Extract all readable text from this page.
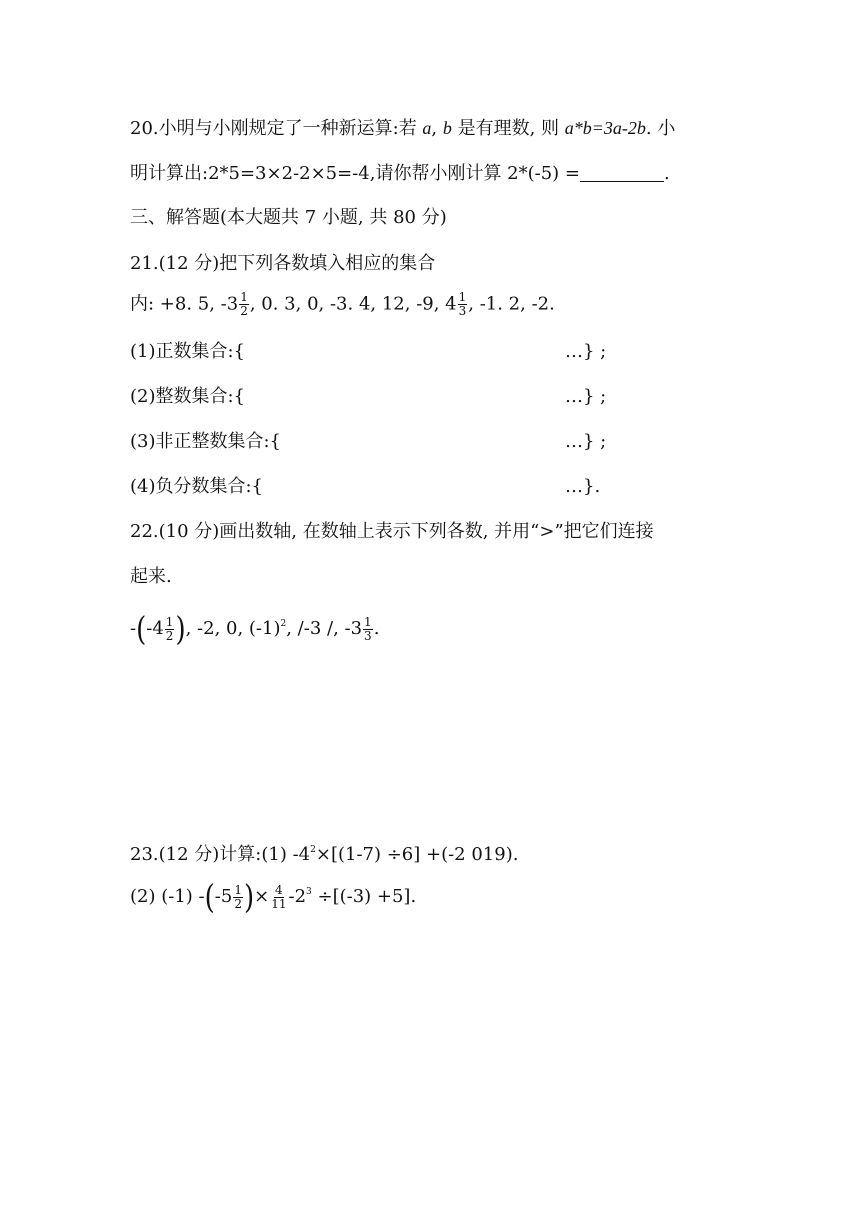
20.小明与小刚规定了一种新运算:若 a, b 是有理数, 则 a*b=3a-2b. 小
明计算出:2*5=3×2-2×5=-4,请你帮小刚计算 2*(-5) =	.
三、解答题(本大题共 7 小题, 共 80 分)
21.(12 分)把下列各数填入相应的集合
内: +8. 5, $-3 \frac{1}{2}$ , 0. 3, 0, -3. 4, 12, -9, $4 \frac{1}{3}$ , -1. 2, -2.
(1)正数集合:{	…} ;
(2)整数集合:{	…} ;
(3)非正整数集合:{	…} ;
(4)负分数集合:{	…}.
22.(10 分)画出数轴, 在数轴上表示下列各数, 并用“>”把它们连接
起来.
$-(-4 \frac{1}{2}$ ), -2, 0, $(-1)^2$, /-3 /, $-3 \frac{1}{3}$ .
23.(12 分)计算:(1) $-4^2\times[(1-7) \div 6] +(-2$ 019).
(2) (-1) $-(-5 \frac{1}{2}$ )× $\frac{4}{11} -2^3 \div[(-3) +5]$.
